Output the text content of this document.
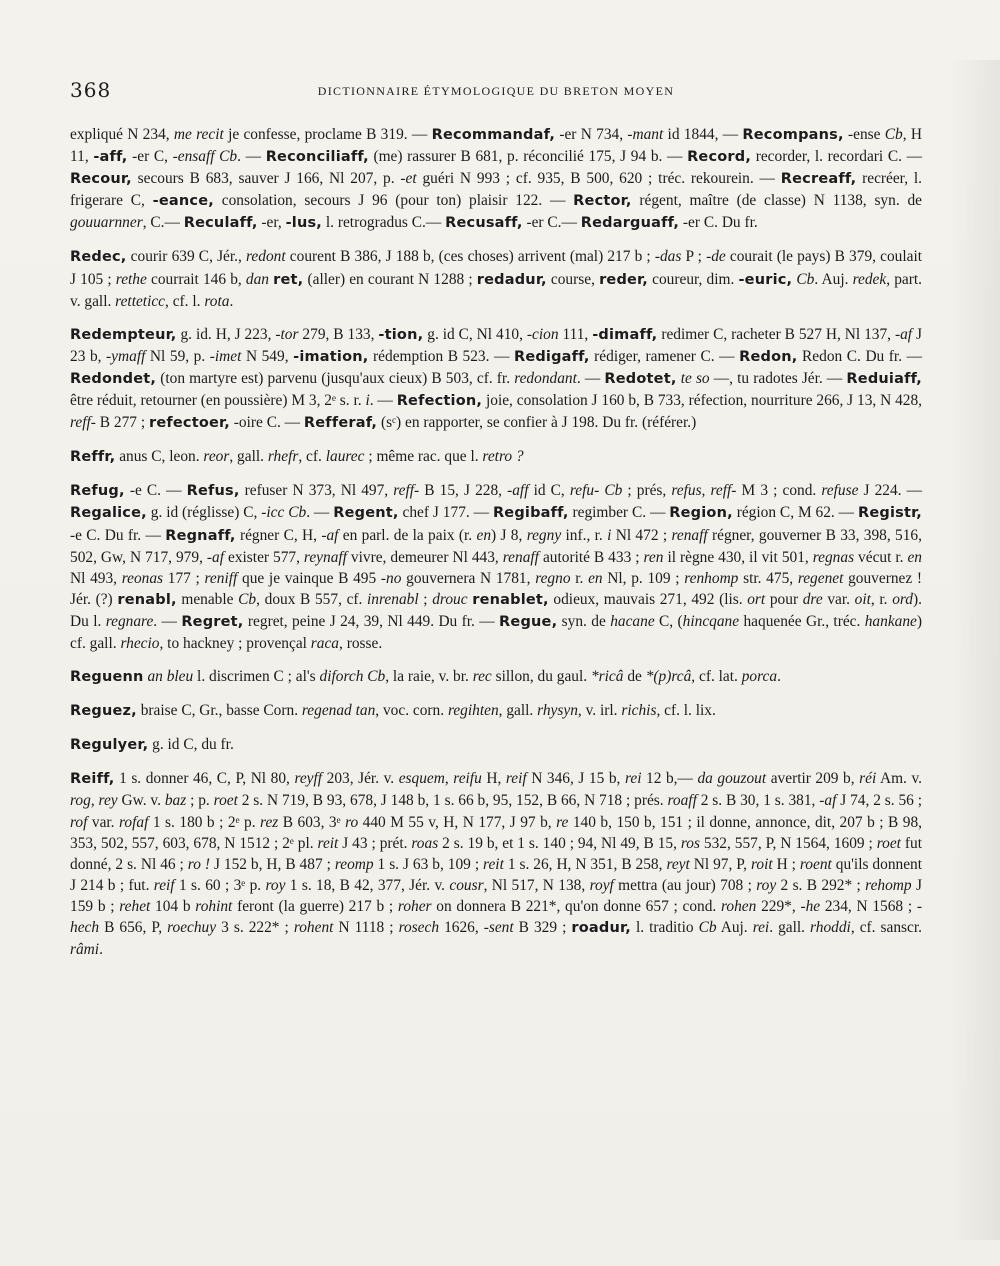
368	DICTIONNAIRE ÉTYMOLOGIQUE DU BRETON MOYEN

expliqué N 234, me recit je confesse, proclame B 319. — Recommandaf, -er N 734, -mant id 1844, — Recompans, -ense Cb, H 11, -aff, -er C, -ensaff Cb. — Reconciliaff, (me) rassurer B 681, p. réconcilié 175, J 94 b. — Record, recorder, l. recordari C. — Recour, secours B 683, sauver J 166, Nl 207, p. -et guéri N 993 ; cf. 935, B 500, 620 ; tréc. rekourein. — Recreaff, recréer, l. frigerare C, -eance, consolation, secours J 96 (pour ton) plaisir 122. — Rector, régent, maître (de classe) N 1138, syn. de gouuarnner, C.— Reculaff, -er, -lus, l. retrogradus C.— Recusaff, -er C.— Redarguaff, -er C. Du fr.

Redec, courir 639 C, Jér., redont courent B 386, J 188 b, (ces choses) arrivent (mal) 217 b ; -das P ; -de courait (le pays) B 379, coulait J 105 ; rethe courrait 146 b, dan ret, (aller) en courant N 1288 ; redadur, course, reder, coureur, dim. -euric, Cb. Auj. redek, part. v. gall. retteticc, cf. l. rota.

Redempteur, g. id. H, J 223, -tor 279, B 133, -tion, g. id C, Nl 410, -cion 111, -dimaff, redimer C, racheter B 527 H, Nl 137, -af J 23 b, -ymaff Nl 59, p. -imet N 549, -imation, rédemption B 523. — Redigaff, rédiger, ramener C. — Redon, Redon C. Du fr. — Redondet, (ton martyre est) parvenu (jusqu'aux cieux) B 503, cf. fr. redondant. — Redotet, te so —, tu radotes Jér. — Reduiaff, être réduit, retourner (en poussière) M 3, 2ᵉ s. r. i. — Refection, joie, consolation J 160 b, B 733, réfection, nourriture 266, J 13, N 428, reff- B 277 ; refectoer, -oire C. — Refferaf, (sᶜ) en rapporter, se confier à J 198. Du fr. (référer.)

Reffr, anus C, leon. reor, gall. rhefr, cf. laurec ; même rac. que l. retro ?

Refug, -e C. — Refus, refuser N 373, Nl 497, reff- B 15, J 228, -aff id C, refu- Cb ; prés, refus, reff- M 3 ; cond. refuse J 224. — Regalice, g. id (réglisse) C, -icc Cb. — Regent, chef J 177. — Regibaff, regimber C. — Region, région C, M 62. — Registr, -e C. Du fr. — Regnaff, régner C, H, -af en parl. de la paix (r. en) J 8, regny inf., r. i Nl 472 ; renaff régner, gouverner B 33, 398, 516, 502, Gw, N 717, 979, -af exister 577, reynaff vivre, demeurer Nl 443, renaff autorité B 433 ; ren il règne 430, il vit 501, regnas vécut r. en Nl 493, reonas 177 ; reniff que je vainque B 495 -no gouvernera N 1781, regno r. en Nl, p. 109 ; renhomp str. 475, regenet gouvernez ! Jér. (?) renabl, menable Cb, doux B 557, cf. inrenabl ; drouc renablet, odieux, mauvais 271, 492 (lis. ort pour dre var. oit, r. ord). Du l. regnare. — Regret, regret, peine J 24, 39, Nl 449. Du fr. — Regue, syn. de hacane C, (hincqane haquenée Gr., tréc. hankane) cf. gall. rhecio, to hackney ; provençal raca, rosse.

Reguenn an bleu l. discrimen C ; al's diforch Cb, la raie, v. br. rec sillon, du gaul. *ricâ de *(p)rcâ, cf. lat. porca.

Reguez, braise C, Gr., basse Corn. regenad tan, voc. corn. regihten, gall. rhysyn, v. irl. richis, cf. l. lix.

Regulyer, g. id C, du fr.

Reiff, 1 s. donner 46, C, P, Nl 80, reyff 203, Jér. v. esquem, reifu H, reif N 346, J 15 b, rei 12 b,— da gouzout avertir 209 b, réi Am. v. rog, rey Gw. v. baz ; p. roet 2 s. N 719, B 93, 678, J 148 b, 1 s. 66 b, 95, 152, B 66, N 718 ; prés. roaff 2 s. B 30, 1 s. 381, -af J 74, 2 s. 56 ; rof var. rofaf 1 s. 180 b ; 2ᵉ p. rez B 603, 3ᵉ ro 440 M 55 v, H, N 177, J 97 b, re 140 b, 150 b, 151 ; il donne, annonce, dit, 207 b ; B 98, 353, 502, 557, 603, 678, N 1512 ; 2ᵉ pl. reit J 43 ; prét. roas 2 s. 19 b, et 1 s. 140 ; 94, Nl 49, B 15, ros 532, 557, P, N 1564, 1609 ; roet fut donné, 2 s. Nl 46 ; ro ! J 152 b, H, B 487 ; reomp 1 s. J 63 b, 109 ; reit 1 s. 26, H, N 351, B 258, reyt Nl 97, P, roit H ; roent qu'ils donnent J 214 b ; fut. reif 1 s. 60 ; 3ᵉ p. roy 1 s. 18, B 42, 377, Jér. v. cousr, Nl 517, N 138, royf mettra (au jour) 708 ; roy 2 s. B 292* ; rehomp J 159 b ; rehet 104 b rohint feront (la guerre) 217 b ; roher on donnera B 221*, qu'on donne 657 ; cond. rohen 229*, -he 234, N 1568 ; -hech B 656, P, roechuy 3 s. 222* ; rohent N 1118 ; rosech 1626, -sent B 329 ; roadur, l. traditio Cb Auj. rei. gall. rhoddi, cf. sanscr. râmi.
